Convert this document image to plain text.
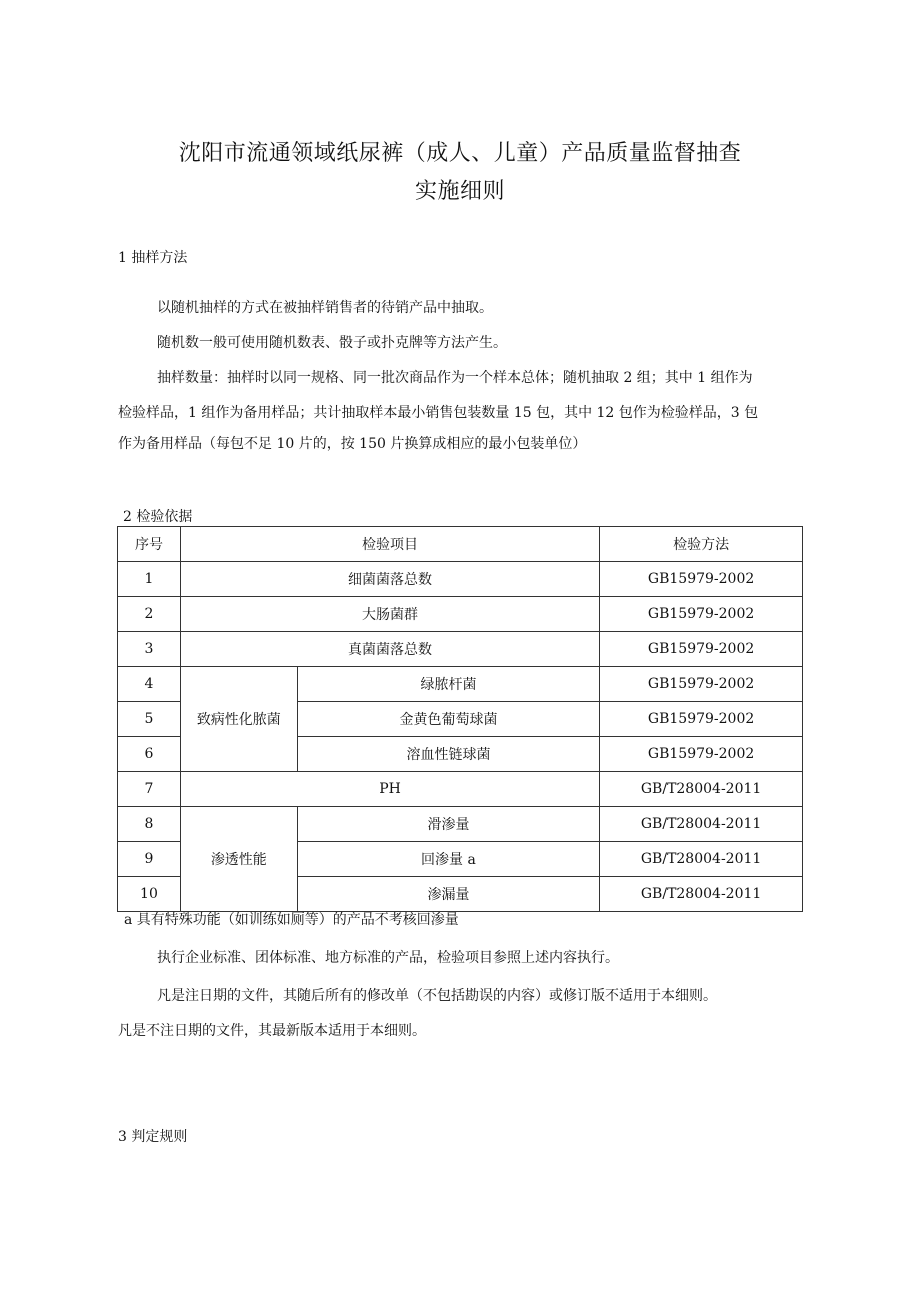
沈阳市流通领域纸尿裤（成人、儿童）产品质量监督抽查
实施细则
1 抽样方法
以随机抽样的方式在被抽样销售者的待销产品中抽取。
随机数一般可使用随机数表、骰子或扑克牌等方法产生。
抽样数量：抽样时以同一规格、同一批次商品作为一个样本总体；随机抽取 2 组；其中 1 组作为
检验样品，1 组作为备用样品；共计抽取样本最小销售包装数量 15 包，其中 12 包作为检验样品，3 包
作为备用样品（每包不足 10 片的，按 150 片换算成相应的最小包装单位）
2 检验依据
序号	检验项目		检验方法
1	细菌菌落总数		GB15979-2002
2	大肠菌群		GB15979-2002
3	真菌菌落总数		GB15979-2002
4	致病性化脓菌	绿脓杆菌	GB15979-2002
5		金黄色葡萄球菌	GB15979-2002
6		溶血性链球菌	GB15979-2002
7	PH		GB/T28004-2011
8	渗透性能	滑渗量	GB/T28004-2011
9		回渗量 a	GB/T28004-2011
10		渗漏量	GB/T28004-2011
a 具有特殊功能（如训练如厕等）的产品不考核回渗量
执行企业标准、团体标准、地方标准的产品，检验项目参照上述内容执行。
凡是注日期的文件，其随后所有的修改单（不包括勘误的内容）或修订版不适用于本细则。
凡是不注日期的文件，其最新版本适用于本细则。
3 判定规则
